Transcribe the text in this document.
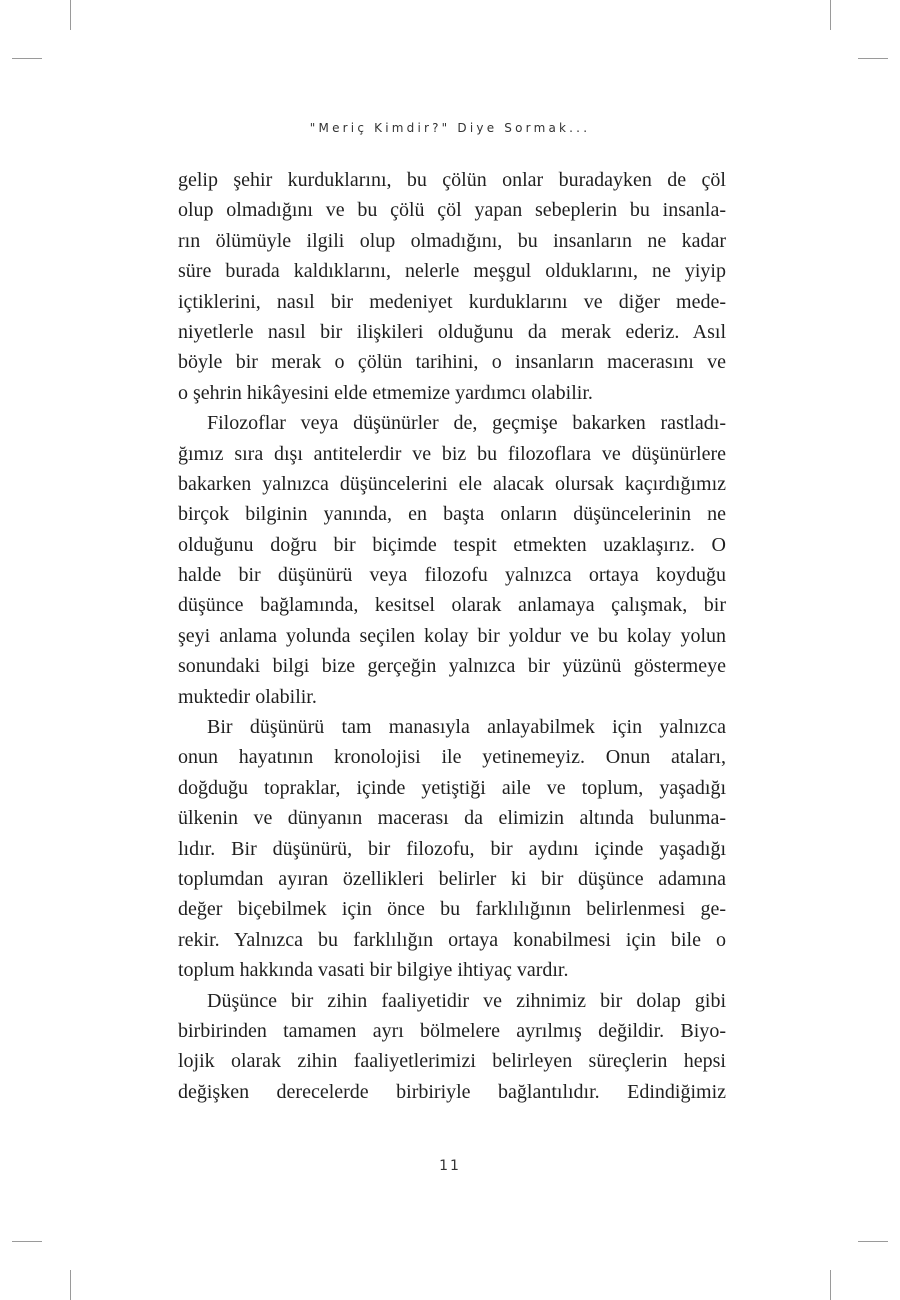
"Meriç Kimdir?" Diye Sormak...
gelip şehir kurduklarını, bu çölün onlar buradayken de çöl
olup olmadığını ve bu çölü çöl yapan sebeplerin bu insanla-
rın ölümüyle ilgili olup olmadığını, bu insanların ne kadar
süre burada kaldıklarını, nelerle meşgul olduklarını, ne yiyip
içtiklerini, nasıl bir medeniyet kurduklarını ve diğer mede-
niyetlerle nasıl bir ilişkileri olduğunu da merak ederiz. Asıl
böyle bir merak o çölün tarihini, o insanların macerasını ve
o şehrin hikâyesini elde etmemize yardımcı olabilir.
Filozoflar veya düşünürler de, geçmişe bakarken rastladı-
ğımız sıra dışı antitelerdir ve biz bu filozoflara ve düşünürlere
bakarken yalnızca düşüncelerini ele alacak olursak kaçırdığımız
birçok bilginin yanında, en başta onların düşüncelerinin ne
olduğunu doğru bir biçimde tespit etmekten uzaklaşırız. O
halde bir düşünürü veya filozofu yalnızca ortaya koyduğu
düşünce bağlamında, kesitsel olarak anlamaya çalışmak, bir
şeyi anlama yolunda seçilen kolay bir yoldur ve bu kolay yolun
sonundaki bilgi bize gerçeğin yalnızca bir yüzünü göstermeye
muktedir olabilir.
Bir düşünürü tam manasıyla anlayabilmek için yalnızca
onun hayatının kronolojisi ile yetinemeyiz. Onun ataları,
doğduğu topraklar, içinde yetiştiği aile ve toplum, yaşadığı
ülkenin ve dünyanın macerası da elimizin altında bulunma-
lıdır. Bir düşünürü, bir filozofu, bir aydını içinde yaşadığı
toplumdan ayıran özellikleri belirler ki bir düşünce adamına
değer biçebilmek için önce bu farklılığının belirlenmesi ge-
rekir. Yalnızca bu farklılığın ortaya konabilmesi için bile o
toplum hakkında vasati bir bilgiye ihtiyaç vardır.
Düşünce bir zihin faaliyetidir ve zihnimiz bir dolap gibi
birbirinden tamamen ayrı bölmelere ayrılmış değildir. Biyo-
lojik olarak zihin faaliyetlerimizi belirleyen süreçlerin hepsi
değişken derecelerde birbiriyle bağlantılıdır. Edindiğimiz
11
